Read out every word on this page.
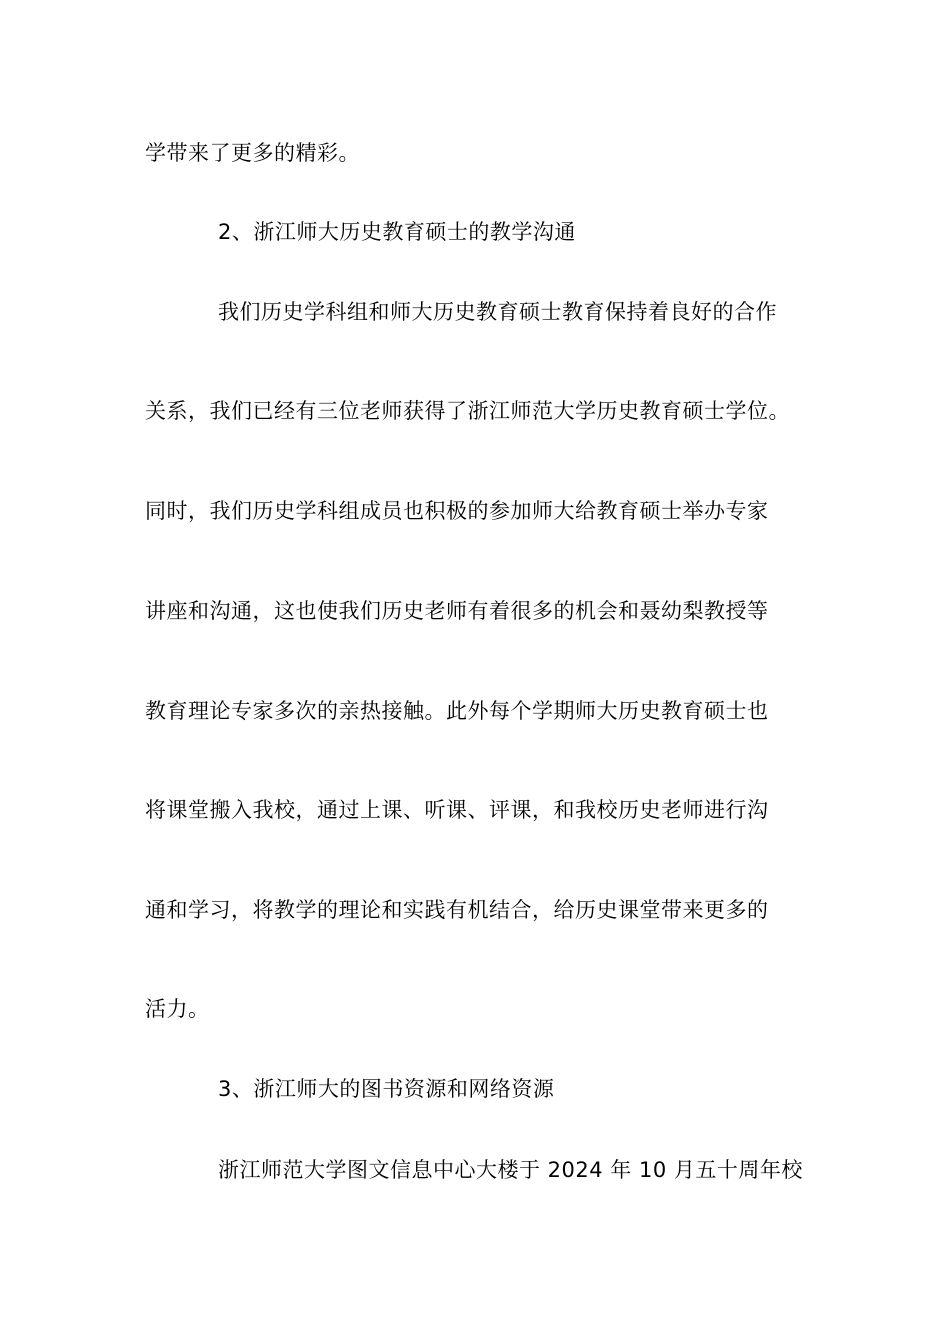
学带来了更多的精彩。
2、浙江师大历史教育硕士的教学沟通
我们历史学科组和师大历史教育硕士教育保持着良好的合作
关系，我们已经有三位老师获得了浙江师范大学历史教育硕士学位。
同时，我们历史学科组成员也积极的参加师大给教育硕士举办专家
讲座和沟通，这也使我们历史老师有着很多的机会和聂幼梨教授等
教育理论专家多次的亲热接触。此外每个学期师大历史教育硕士也
将课堂搬入我校，通过上课、听课、评课，和我校历史老师进行沟
通和学习，将教学的理论和实践有机结合，给历史课堂带来更多的
活力。
3、浙江师大的图书资源和网络资源
浙江师范大学图文信息中心大楼于 2024 年 10 月五十周年校
